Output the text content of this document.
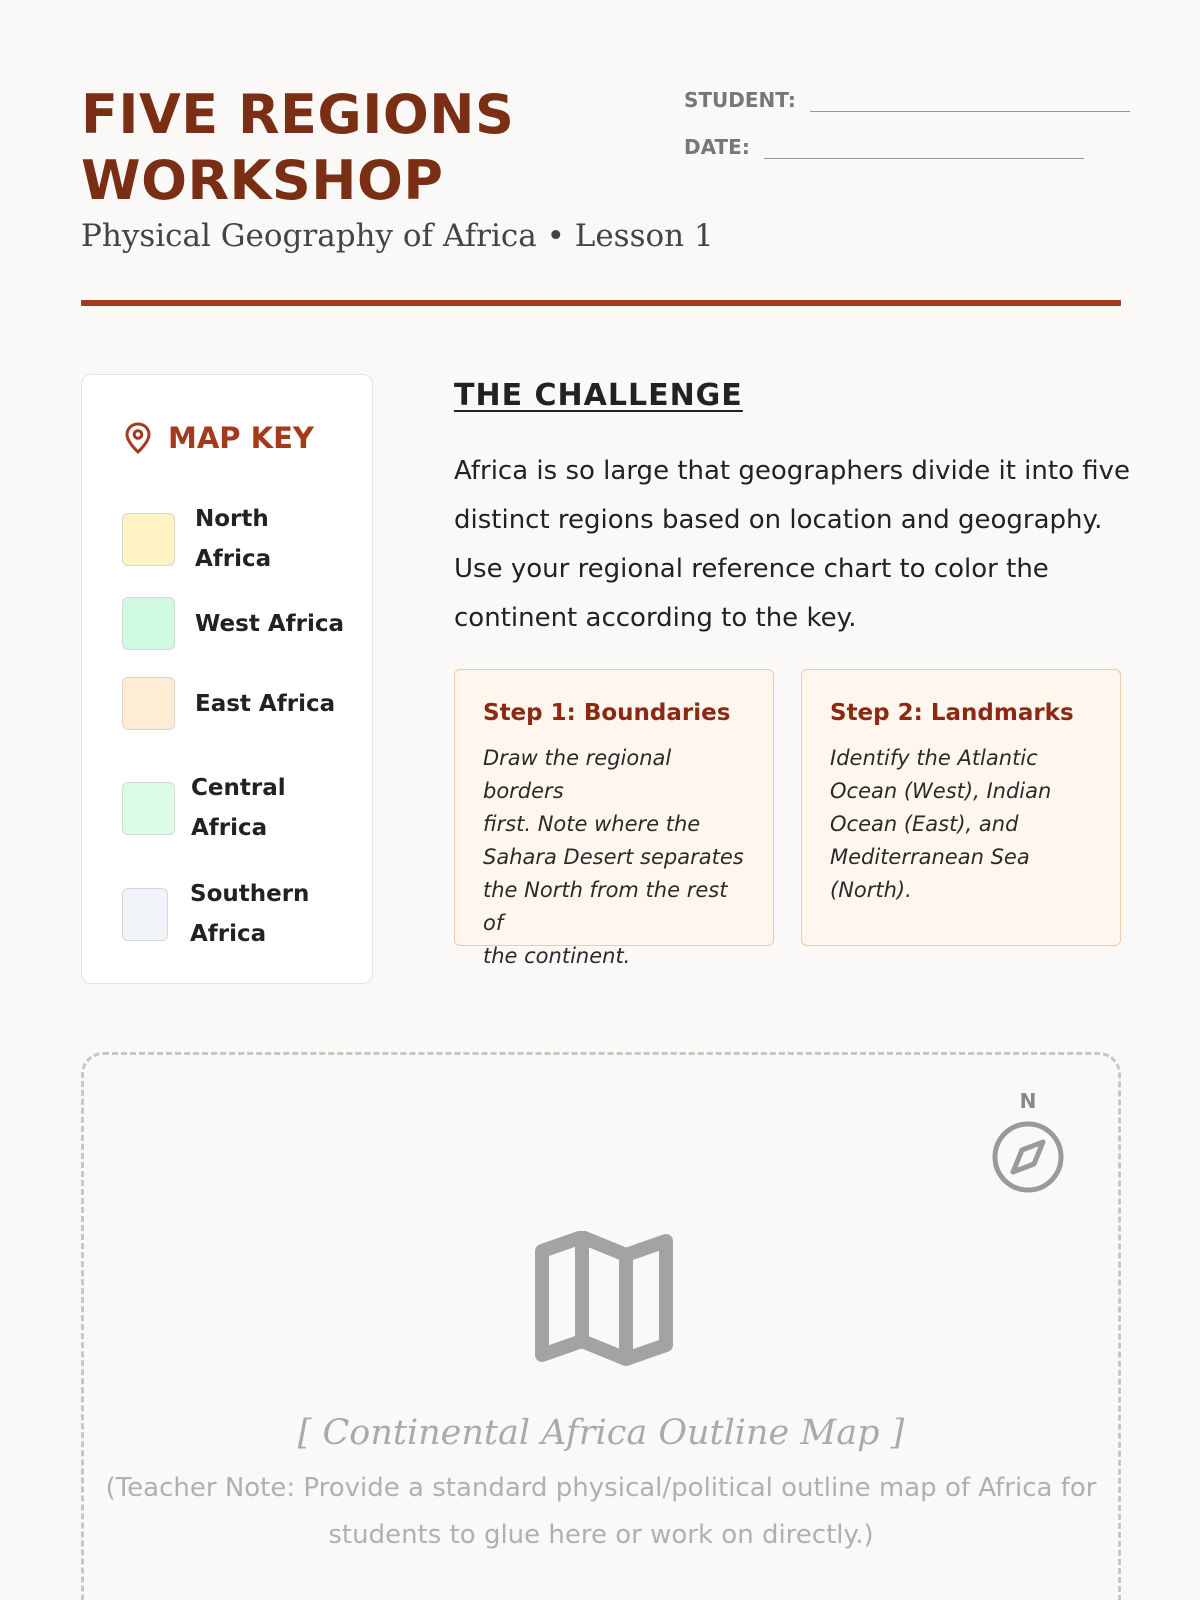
FIVE REGIONS
WORKSHOP
Physical Geography of Africa • Lesson 1
STUDENT:
DATE:
MAP KEY
North
Africa
West Africa
East Africa
Central
Africa
Southern
Africa
THE CHALLENGE
Africa is so large that geographers divide it into five
distinct regions based on location and geography.
Use your regional reference chart to color the
continent according to the key.
Step 1: Boundaries
Draw the regional borders
first. Note where the
Sahara Desert separates
the North from the rest of
the continent.
Step 2: Landmarks
Identify the Atlantic
Ocean (West), Indian
Ocean (East), and
Mediterranean Sea
(North).
N
[ Continental Africa Outline Map ]
(Teacher Note: Provide a standard physical/political outline map of Africa for
students to glue here or work on directly.)
